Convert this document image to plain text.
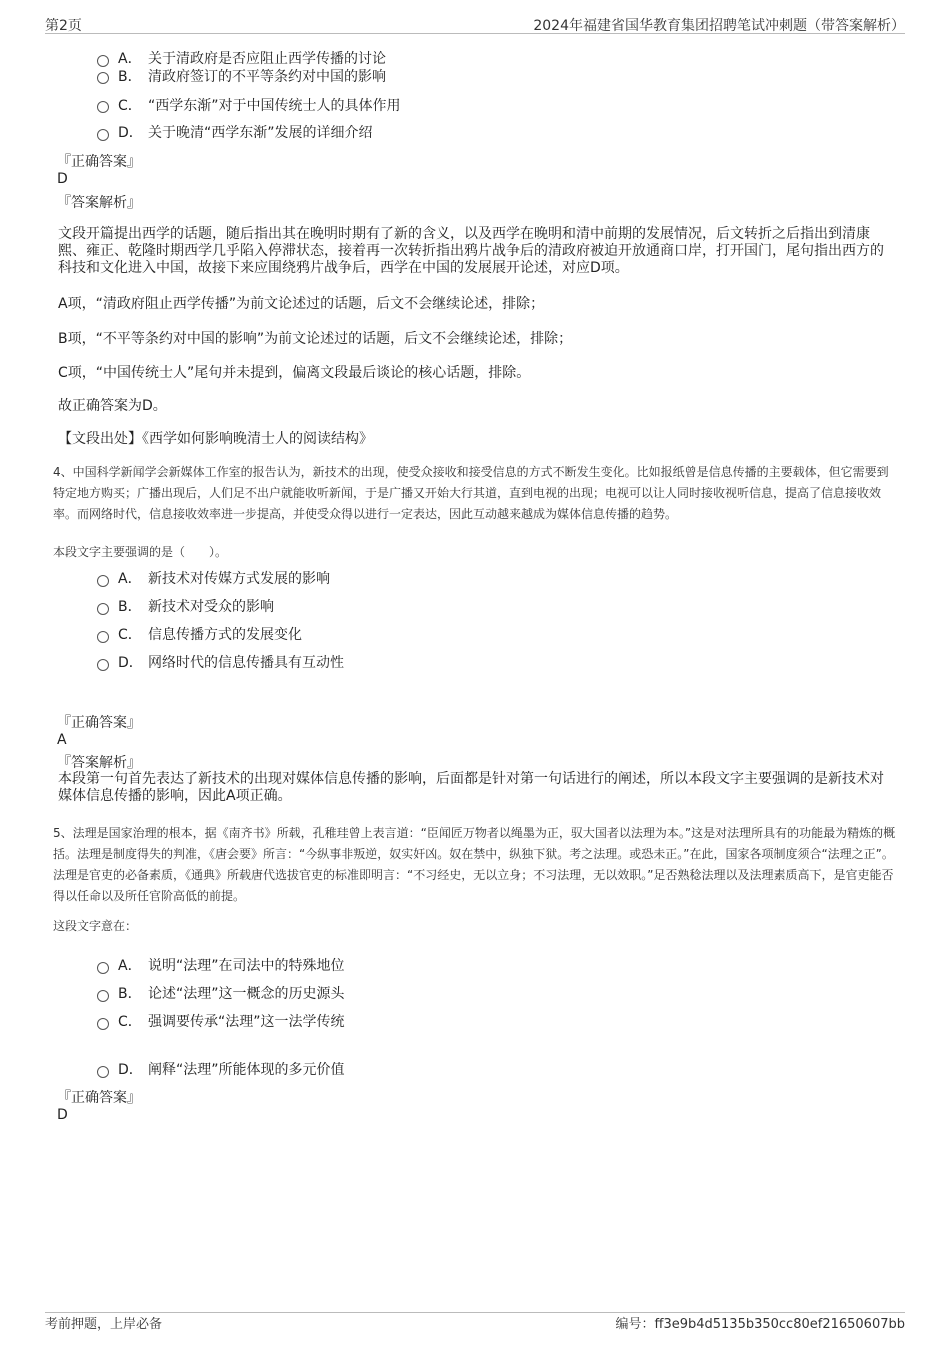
第2页	2024年福建省国华教育集团招聘笔试冲刺题（带答案解析）
A． 关于清政府是否应阻止西学传播的讨论
B． 清政府签订的不平等条约对中国的影响
C． “西学东渐”对于中国传统士人的具体作用
D． 关于晚清“西学东渐”发展的详细介绍
『正确答案』
D
『答案解析』
文段开篇提出西学的话题，随后指出其在晚明时期有了新的含义，以及西学在晚明和清中前期的发展情况，后文转折之后指出到清康熙、雍正、乾隆时期西学几乎陷入停滞状态，接着再一次转折指出鸦片战争后的清政府被迫开放通商口岸，打开国门，尾句指出西方的科技和文化进入中国，故接下来应围绕鸦片战争后，西学在中国的发展展开论述，对应D项。
A项，“清政府阻止西学传播”为前文论述过的话题，后文不会继续论述，排除；
B项，“不平等条约对中国的影响”为前文论述过的话题，后文不会继续论述，排除；
C项，“中国传统士人”尾句并未提到，偏离文段最后谈论的核心话题，排除。
故正确答案为D。
【文段出处】《西学如何影响晚清士人的阅读结构》
4、中国科学新闻学会新媒体工作室的报告认为，新技术的出现，使受众接收和接受信息的方式不断发生变化。比如报纸曾是信息传播的主要载体，但它需要到特定地方购买；广播出现后，人们足不出户就能收听新闻，于是广播又开始大行其道，直到电视的出现；电视可以让人同时接收视听信息，提高了信息接收效率。而网络时代，信息接收效率进一步提高，并使受众得以进行一定表达，因此互动越来越成为媒体信息传播的趋势。
本段文字主要强调的是（　　）。
A． 新技术对传媒方式发展的影响
B． 新技术对受众的影响
C． 信息传播方式的发展变化
D． 网络时代的信息传播具有互动性
『正确答案』
A
『答案解析』
本段第一句首先表达了新技术的出现对媒体信息传播的影响，后面都是针对第一句话进行的阐述，所以本段文字主要强调的是新技术对媒体信息传播的影响，因此A项正确。
5、法理是国家治理的根本，据《南齐书》所载，孔稚珪曾上表言道：“臣闻匠万物者以绳墨为正，驭大国者以法理为本。”这是对法理所具有的功能最为精炼的概括。法理是制度得失的判准，《唐会要》所言：“今纵事非叛逆，奴实奸凶。奴在禁中，纵独下狱。考之法理。或恐未正。”在此，国家各项制度须合“法理之正”。法理是官吏的必备素质，《通典》所载唐代选拔官吏的标准即明言：“不习经史，无以立身；不习法理，无以效职。”足否熟稔法理以及法理素质高下，是官吏能否得以任命以及所任官阶高低的前提。
这段文字意在：
A． 说明“法理”在司法中的特殊地位
B． 论述“法理”这一概念的历史源头
C． 强调要传承“法理”这一法学传统
D． 阐释“法理”所能体现的多元价值
『正确答案』
D
考前押题，上岸必备	编号：ff3e9b4d5135b350cc80ef21650607bb
